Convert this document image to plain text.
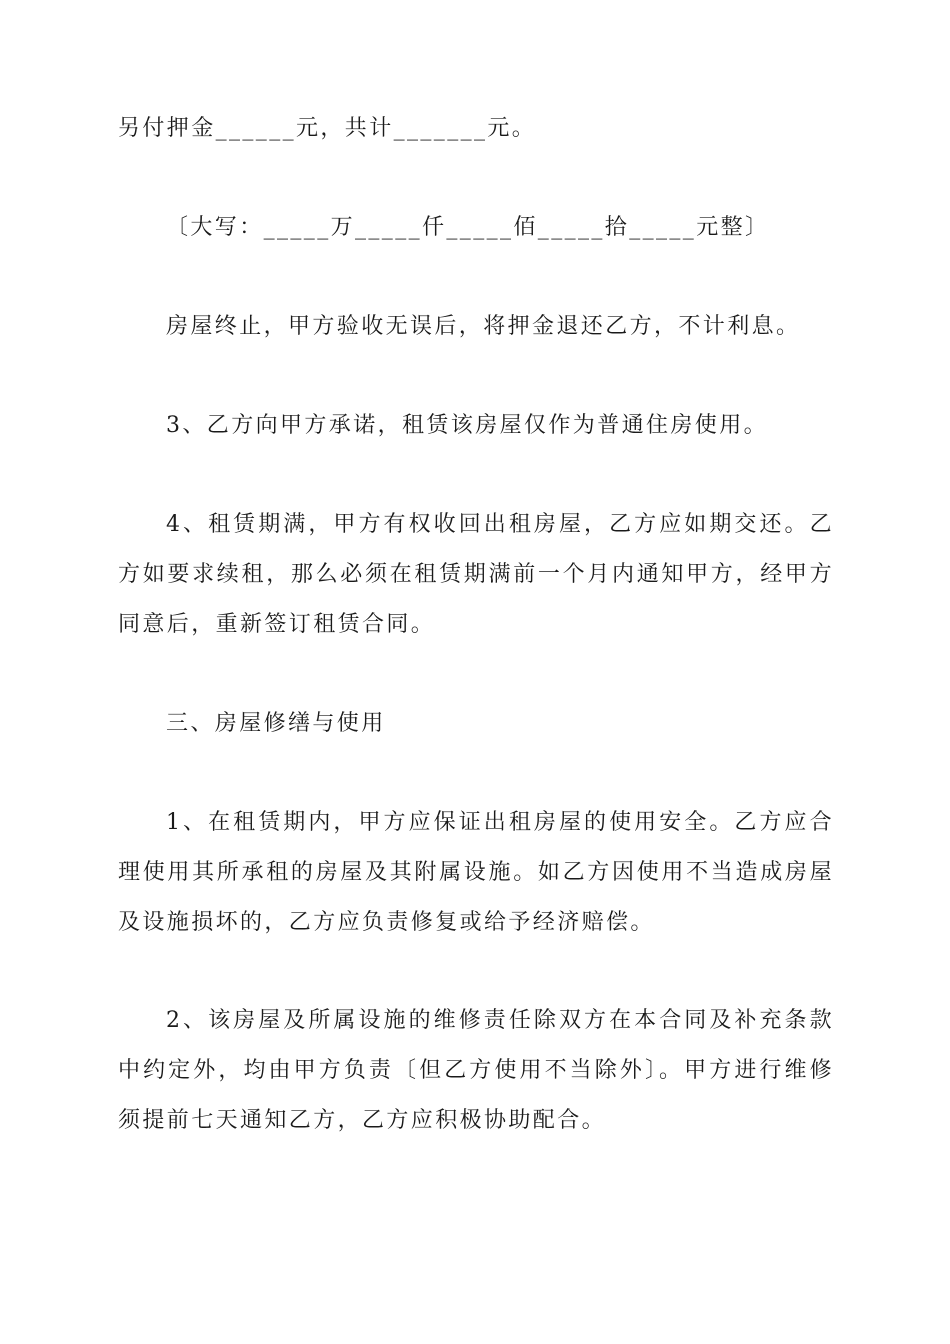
另付押金______元，共计_______元。

〔大写：_____万_____仟_____佰_____拾_____元整〕

房屋终止，甲方验收无误后，将押金退还乙方，不计利息。

3、乙方向甲方承诺，租赁该房屋仅作为普通住房使用。

4、租赁期满，甲方有权收回出租房屋，乙方应如期交还。乙方如要求续租，那么必须在租赁期满前一个月内通知甲方，经甲方同意后，重新签订租赁合同。

三、房屋修缮与使用

1、在租赁期内，甲方应保证出租房屋的使用安全。乙方应合理使用其所承租的房屋及其附属设施。如乙方因使用不当造成房屋及设施损坏的，乙方应负责修复或给予经济赔偿。

2、该房屋及所属设施的维修责任除双方在本合同及补充条款中约定外，均由甲方负责〔但乙方使用不当除外〕。甲方进行维修须提前七天通知乙方，乙方应积极协助配合。
